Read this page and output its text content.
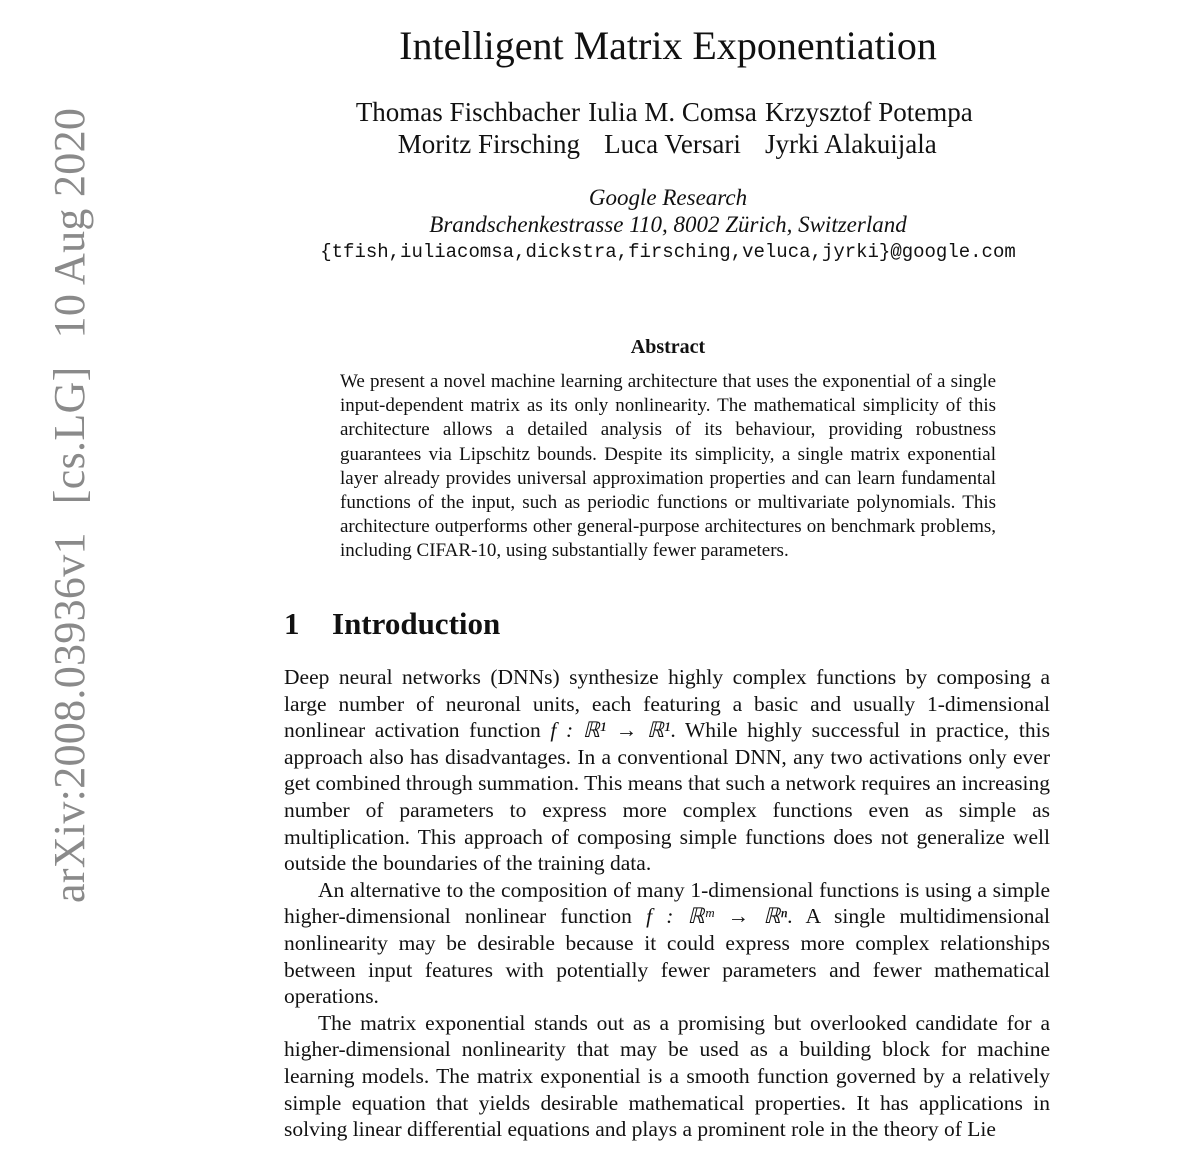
arXiv:2008.03936v1[cs.LG]10 Aug 2020
Intelligent Matrix Exponentiation
Thomas Fischbacher
Moritz Firsching
Iulia M. Comsa
Luca Versari
Krzysztof Potempa
Jyrki Alakuijala
Google Research
Brandschenkestrasse 110, 8002 Zürich, Switzerland
{tfish,iuliacomsa,dickstra,firsching,veluca,jyrki}@google.com
Abstract

We present a novel machine learning architecture that uses the exponential of a single input-dependent matrix as its only nonlinearity. The mathematical simplicity of this architecture allows a detailed analysis of its behaviour, providing robustness guarantees via Lipschitz bounds. Despite its simplicity, a single matrix exponential layer already provides universal approximation properties and can learn fundamental functions of the input, such as periodic functions or multivariate polynomials. This architecture outperforms other general-purpose architectures on benchmark problems, including CIFAR-10, using substantially fewer parameters.

1 Introduction

Deep neural networks (DNNs) synthesize highly complex functions by composing a large number of neuronal units, each featuring a basic and usually 1-dimensional nonlinear activation function f : ℝ¹ → ℝ¹. While highly successful in practice, this approach also has disadvantages. In a conventional DNN, any two activations only ever get combined through summation. This means that such a network requires an increasing number of parameters to express more complex functions even as simple as multiplication. This approach of composing simple functions does not generalize well outside the boundaries of the training data.

An alternative to the composition of many 1-dimensional functions is using a simple higher-dimensional nonlinear function f : ℝᵐ → ℝⁿ. A single multidimensional nonlinearity may be desirable because it could express more complex relationships between input features with potentially fewer parameters and fewer mathematical operations.

The matrix exponential stands out as a promising but overlooked candidate for a higher-dimensional nonlinearity that may be used as a building block for machine learning models. The matrix exponential is a smooth function governed by a relatively simple equation that yields desirable mathematical properties. It has applications in solving linear differential equations and plays a prominent role in the theory of Lie
